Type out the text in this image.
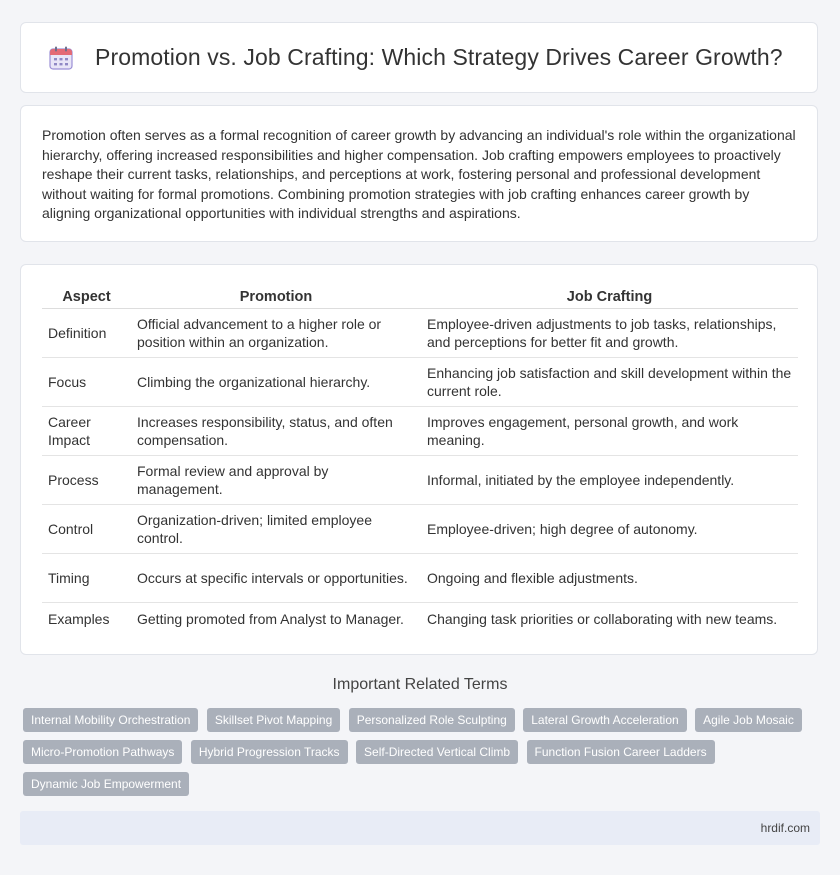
Promotion vs. Job Crafting: Which Strategy Drives Career Growth?

Promotion often serves as a formal recognition of career growth by advancing an individual's role within the organizational hierarchy, offering increased responsibilities and higher compensation. Job crafting empowers employees to proactively reshape their current tasks, relationships, and perceptions at work, fostering personal and professional development without waiting for formal promotions. Combining promotion strategies with job crafting enhances career growth by aligning organizational opportunities with individual strengths and aspirations.

Aspect	Promotion	Job Crafting
Definition	Official advancement to a higher role or position within an organization.	Employee-driven adjustments to job tasks, relationships, and perceptions for better fit and growth.
Focus	Climbing the organizational hierarchy.	Enhancing job satisfaction and skill development within the current role.
Career Impact	Increases responsibility, status, and often compensation.	Improves engagement, personal growth, and work meaning.
Process	Formal review and approval by management.	Informal, initiated by the employee independently.
Control	Organization-driven; limited employee control.	Employee-driven; high degree of autonomy.
Timing	Occurs at specific intervals or opportunities.	Ongoing and flexible adjustments.
Examples	Getting promoted from Analyst to Manager.	Changing task priorities or collaborating with new teams.
Important Related Terms
Internal Mobility Orchestration Skillset Pivot Mapping Personalized Role Sculpting Lateral Growth Acceleration Agile Job Mosaic
Micro-Promotion Pathways Hybrid Progression Tracks Self-Directed Vertical Climb Function Fusion Career Ladders
Dynamic Job Empowerment
hrdif.com
